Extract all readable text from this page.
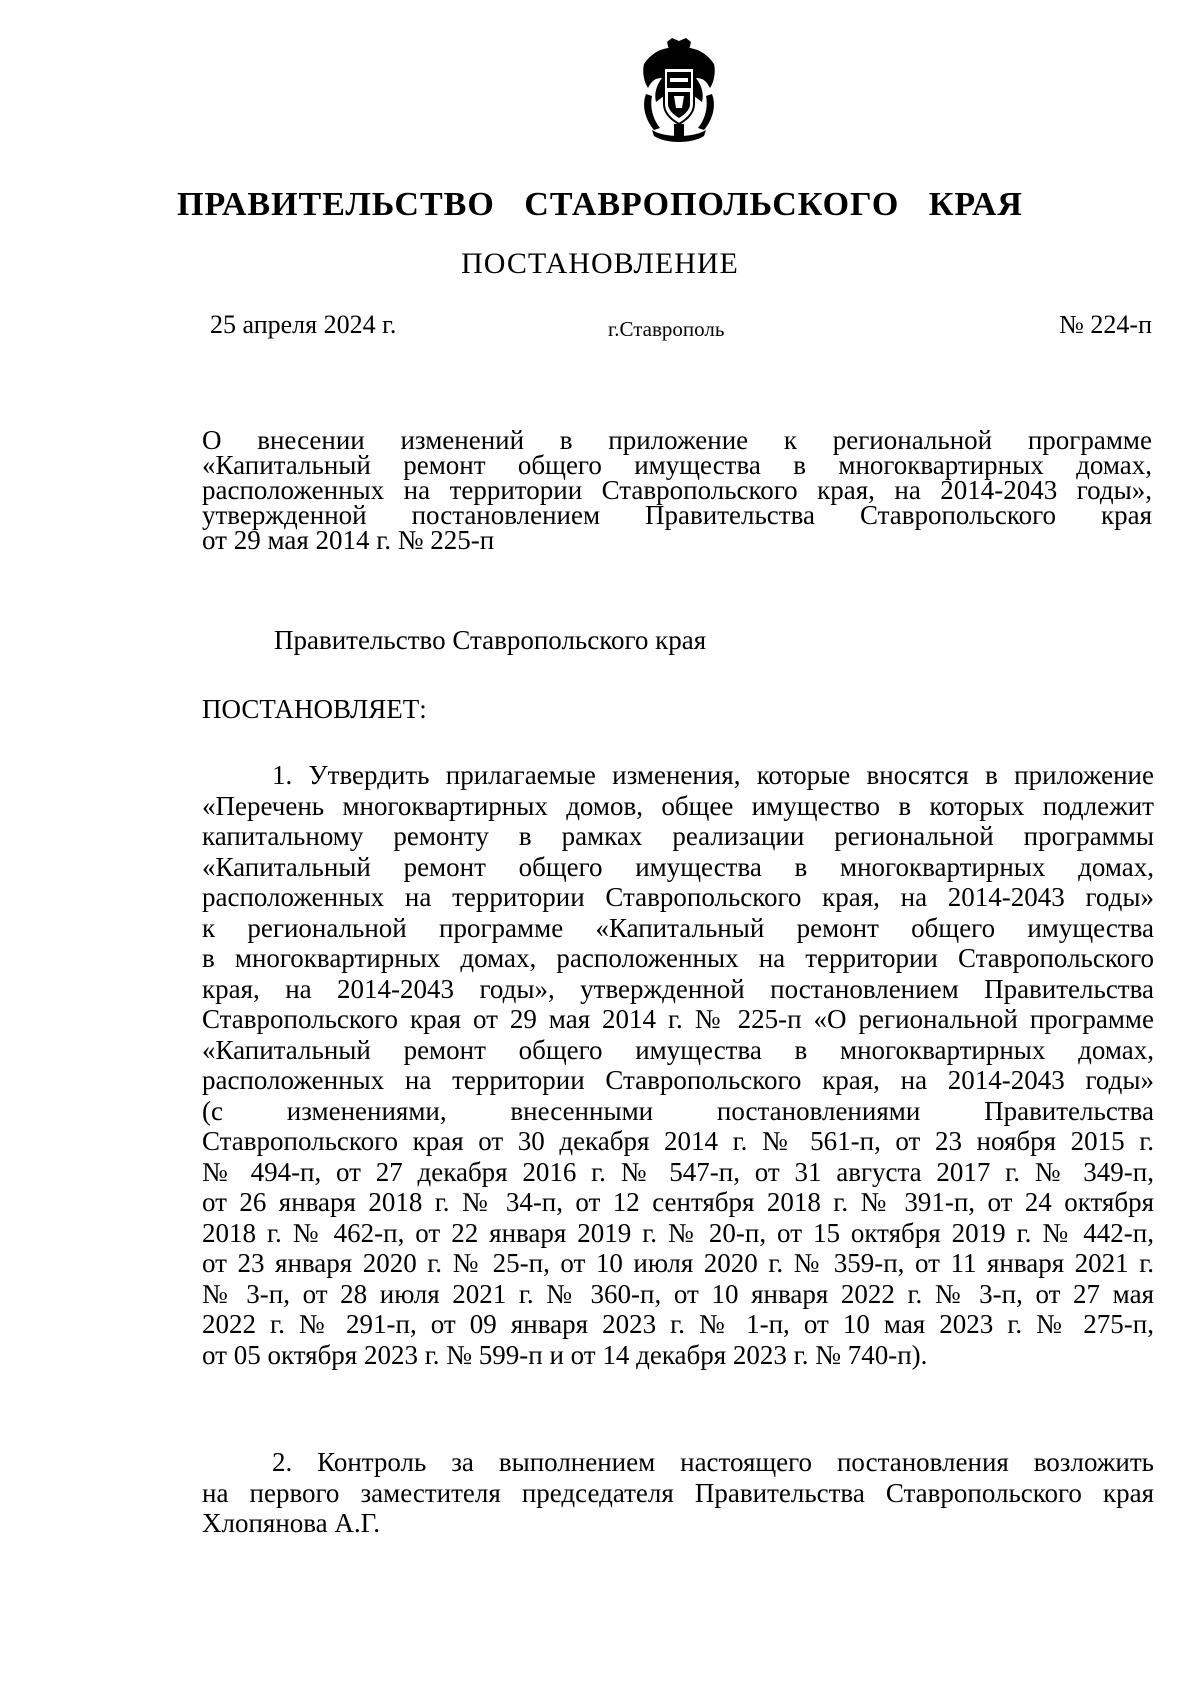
ПРАВИТЕЛЬСТВО СТАВРОПОЛЬСКОГО КРАЯ
ПОСТАНОВЛЕНИЕ
25 апреля 2024 г.	г.Ставрополь	№ 224-п

О внесении изменений в приложение к региональной программе

«Капитальный ремонт общего имущества в многоквартирных домах,

расположенных на территории Ставропольского края, на 2014-2043 годы»,

утвержденной постановлением Правительства Ставропольского края

от 29 мая 2014 г. № 225-п

Правительство Ставропольского края
ПОСТАНОВЛЯЕТ:

1. Утвердить прилагаемые изменения, которые вносятся в приложение

«Перечень многоквартирных домов, общее имущество в которых подлежит

капитальному ремонту в рамках реализации региональной программы

«Капитальный ремонт общего имущества в многоквартирных домах,

расположенных на территории Ставропольского края, на 2014-2043 годы»

к региональной программе «Капитальный ремонт общего имущества

в многоквартирных домах, расположенных на территории Ставропольского

края, на 2014-2043 годы», утвержденной постановлением Правительства

Ставропольского края от 29 мая 2014 г. № 225-п «О региональной программе

«Капитальный ремонт общего имущества в многоквартирных домах,

расположенных на территории Ставропольского края, на 2014-2043 годы»

(с изменениями, внесенными постановлениями Правительства

Ставропольского края от 30 декабря 2014 г. № 561-п, от 23 ноября 2015 г.

№ 494-п, от 27 декабря 2016 г. № 547-п, от 31 августа 2017 г. № 349-п,

от 26 января 2018 г. № 34-п, от 12 сентября 2018 г. № 391-п, от 24 октября

2018 г. № 462-п, от 22 января 2019 г. № 20-п, от 15 октября 2019 г. № 442-п,

от 23 января 2020 г. № 25-п, от 10 июля 2020 г. № 359-п, от 11 января 2021 г.

№ 3-п, от 28 июля 2021 г. № 360-п, от 10 января 2022 г. № 3-п, от 27 мая

2022 г. № 291-п, от 09 января 2023 г. № 1-п, от 10 мая 2023 г. № 275-п,

от 05 октября 2023 г. № 599-п и от 14 декабря 2023 г. № 740-п).

2. Контроль за выполнением настоящего постановления возложить

на первого заместителя председателя Правительства Ставропольского края

Хлопянова А.Г.
